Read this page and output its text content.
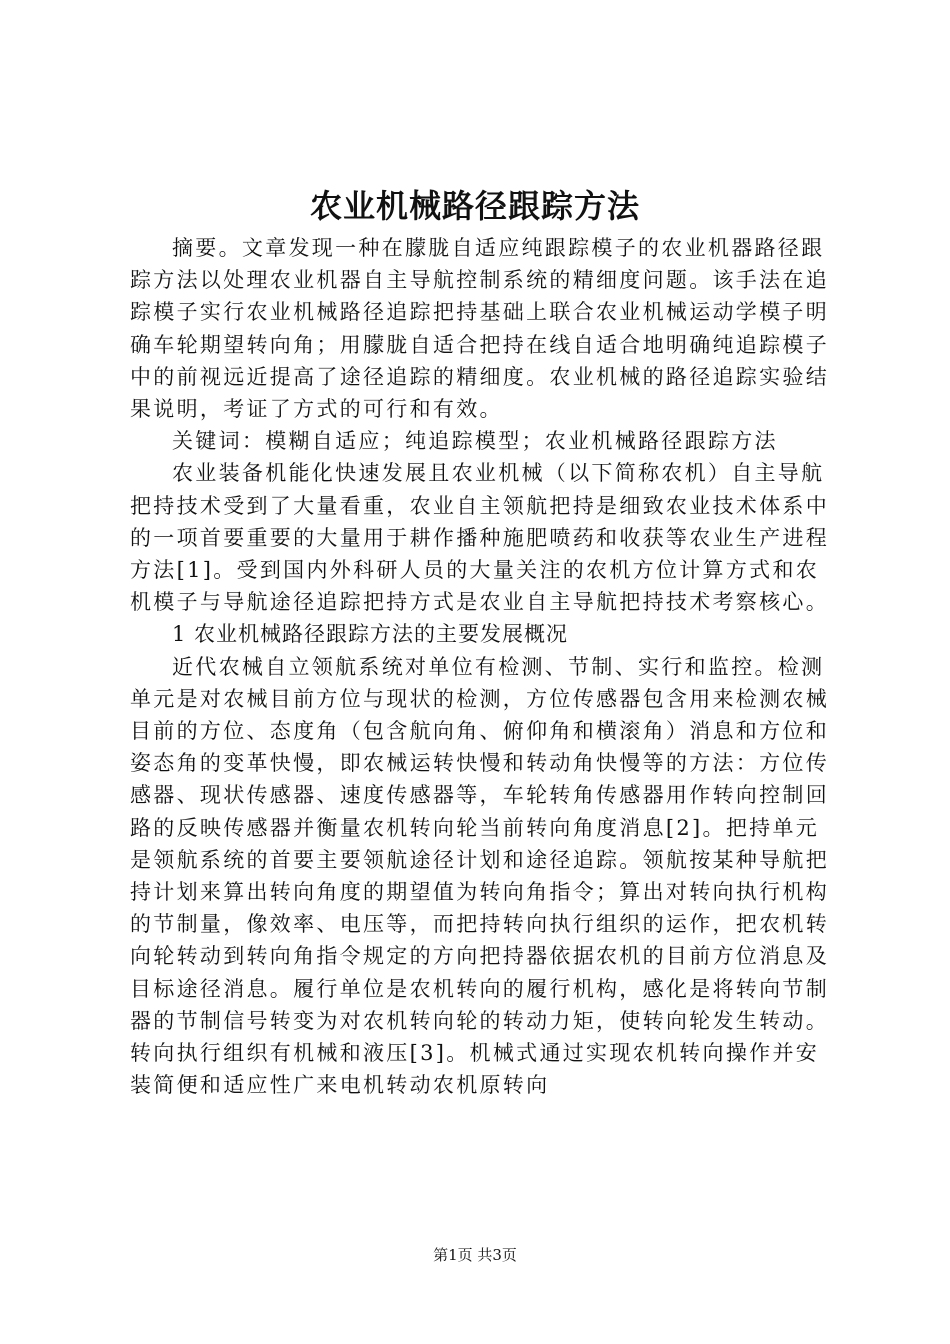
农业机械路径跟踪方法

摘要。文章发现一种在朦胧自适应纯跟踪模子的农业机器路径跟踪方法以处理农业机器自主导航控制系统的精细度问题。该手法在追踪模子实行农业机械路径追踪把持基础上联合农业机械运动学模子明确车轮期望转向角；用朦胧自适合把持在线自适合地明确纯追踪模子中的前视远近提高了途径追踪的精细度。农业机械的路径追踪实验结果说明，考证了方式的可行和有效。

关键词：模糊自适应；纯追踪模型；农业机械路径跟踪方法

农业装备机能化快速发展且农业机械（以下简称农机）自主导航把持技术受到了大量看重，农业自主领航把持是细致农业技术体系中的一项首要重要的大量用于耕作播种施肥喷药和收获等农业生产进程方法[1]。受到国内外科研人员的大量关注的农机方位计算方式和农机模子与导航途径追踪把持方式是农业自主导航把持技术考察核心。

1 农业机械路径跟踪方法的主要发展概况

近代农械自立领航系统对单位有检测、节制、实行和监控。检测单元是对农械目前方位与现状的检测，方位传感器包含用来检测农械目前的方位、态度角（包含航向角、俯仰角和横滚角）消息和方位和姿态角的变革快慢，即农械运转快慢和转动角快慢等的方法：方位传感器、现状传感器、速度传感器等，车轮转角传感器用作转向控制回路的反映传感器并衡量农机转向轮当前转向角度消息[2]。把持单元是领航系统的首要主要领航途径计划和途径追踪。领航按某种导航把持计划来算出转向角度的期望值为转向角指令；算出对转向执行机构的节制量，像效率、电压等，而把持转向执行组织的运作，把农机转向轮转动到转向角指令规定的方向把持器依据农机的目前方位消息及目标途径消息。履行单位是农机转向的履行机构，感化是将转向节制器的节制信号转变为对农机转向轮的转动力矩，使转向轮发生转动。转向执行组织有机械和液压[3]。机械式通过实现农机转向操作并安装简便和适应性广来电机转动农机原转向

第1页 共3页
